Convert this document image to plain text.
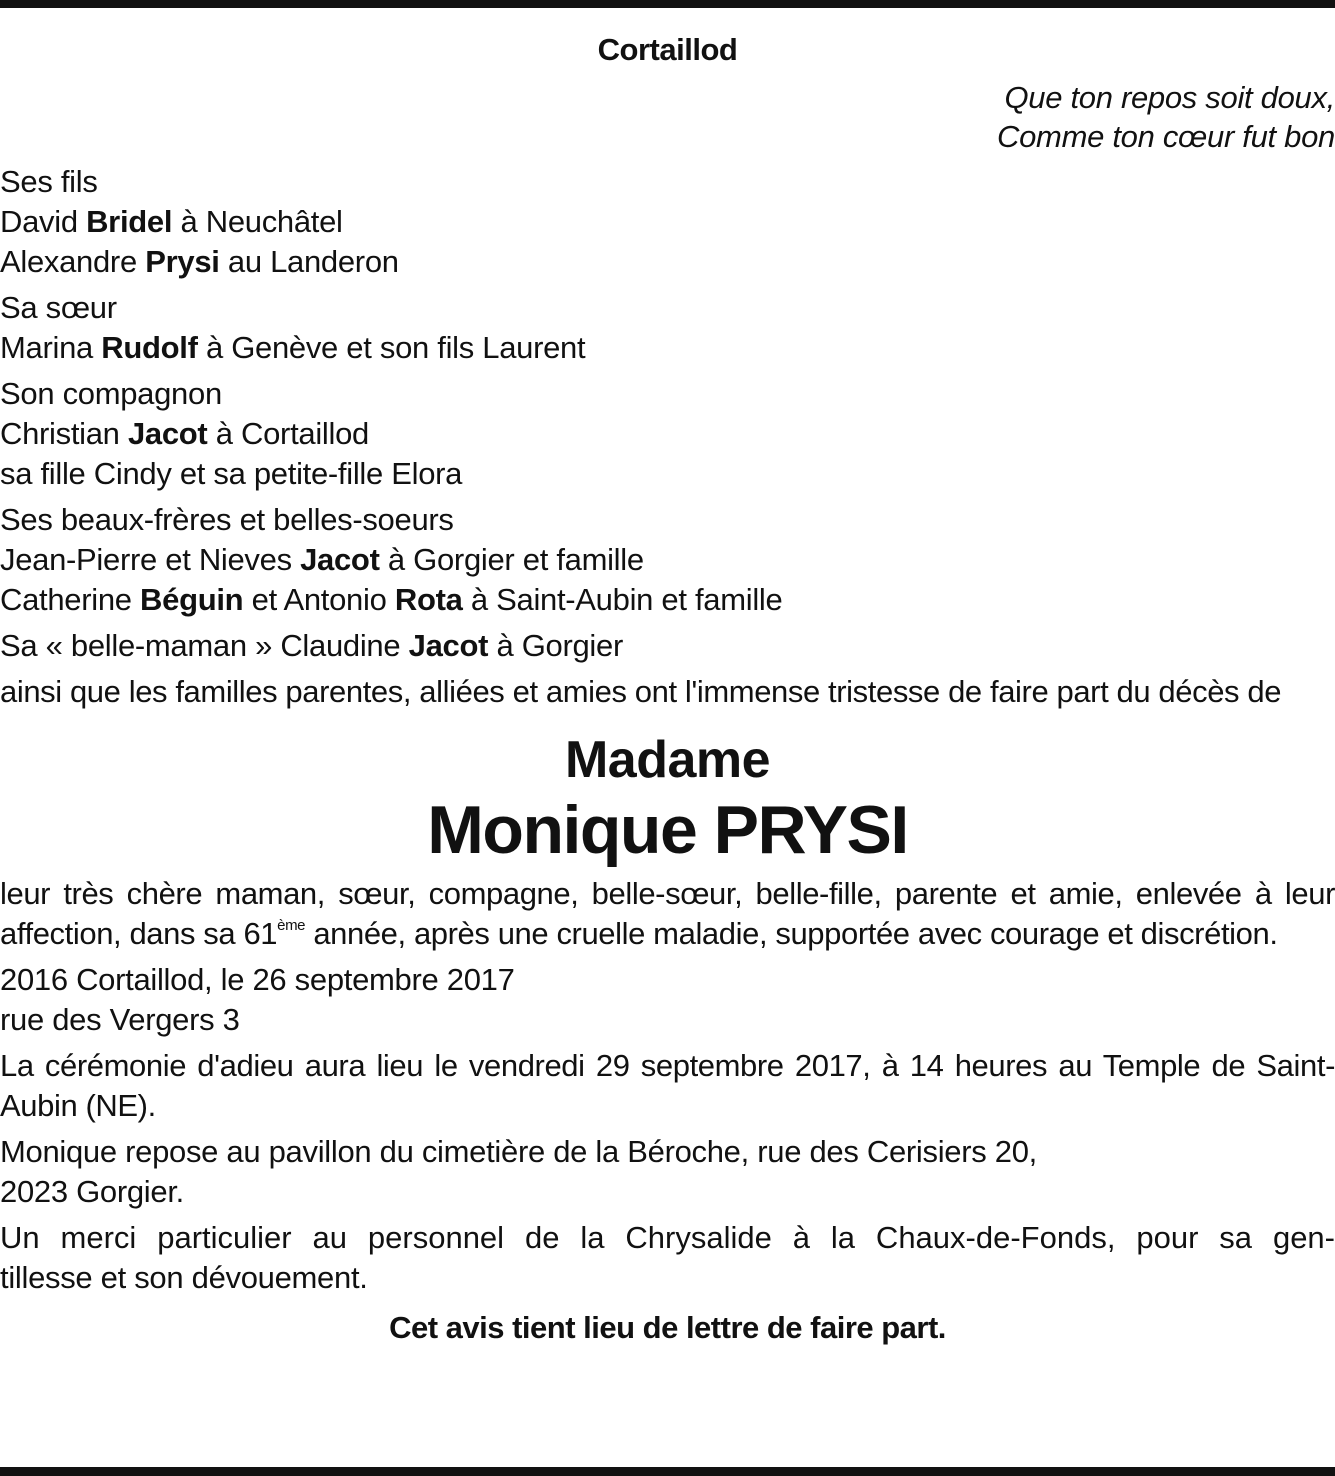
Cortaillod
Que ton repos soit doux,
Comme ton cœur fut bon
Ses fils
David Bridel à Neuchâtel
Alexandre Prysi au Landeron
Sa sœur
Marina Rudolf à Genève et son fils Laurent
Son compagnon
Christian Jacot à Cortaillod
sa fille Cindy et sa petite-fille Elora
Ses beaux-frères et belles-soeurs
Jean-Pierre et Nieves Jacot à Gorgier et famille
Catherine Béguin et Antonio Rota à Saint-Aubin et famille
Sa « belle-maman » Claudine Jacot à Gorgier
ainsi que les familles parentes, alliées et amies ont l'immense tristesse de faire part du décès de
Madame
Monique PRYSI
leur très chère maman, sœur, compagne, belle-sœur, belle-fille, parente et amie, enlevée à leur affection, dans sa 61ème année, après une cruelle maladie, supportée avec courage et discrétion.
2016 Cortaillod, le 26 septembre 2017
rue des Vergers 3
La cérémonie d'adieu aura lieu le vendredi 29 septembre 2017, à 14 heures au Temple de Saint-Aubin (NE).
Monique repose au pavillon du cimetière de la Béroche, rue des Cerisiers 20,
2023 Gorgier.
Un merci particulier au personnel de la Chrysalide à la Chaux-de-Fonds, pour sa gen-
tillesse et son dévouement.
Cet avis tient lieu de lettre de faire part.
